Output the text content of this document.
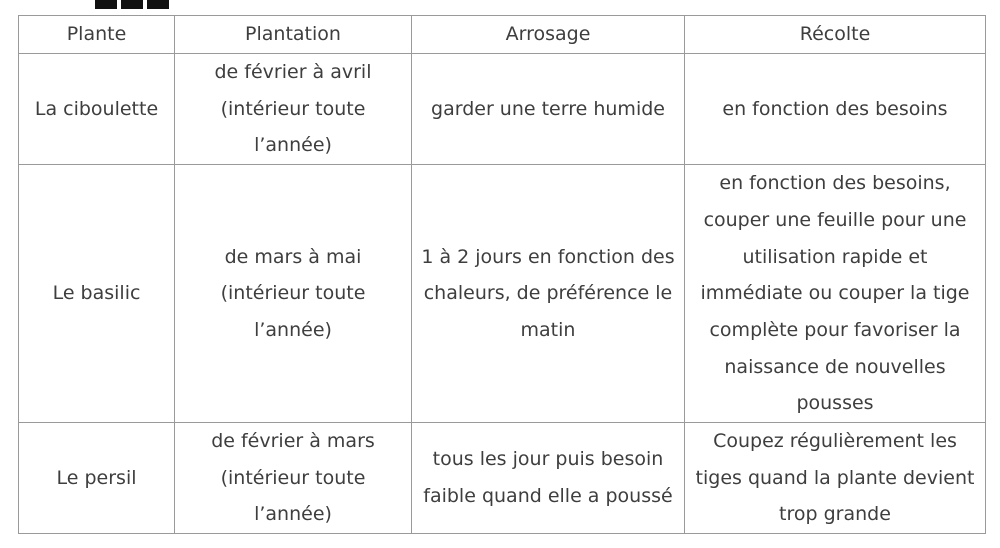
Plante	Plantation	Arrosage	Récolte
La ciboulette	de février à avril (intérieur toute l’année)	garder une terre humide	en fonction des besoins
Le basilic	de mars à mai (intérieur toute l’année)	1 à 2 jours en fonction des chaleurs, de préférence le matin	en fonction des besoins, couper une feuille pour une utilisation rapide et immédiate ou couper la tige complète pour favoriser la naissance de nouvelles pousses
Le persil	de février à mars (intérieur toute l’année)	tous les jour puis besoin faible quand elle a poussé	Coupez régulièrement les tiges quand la plante devient trop grande
